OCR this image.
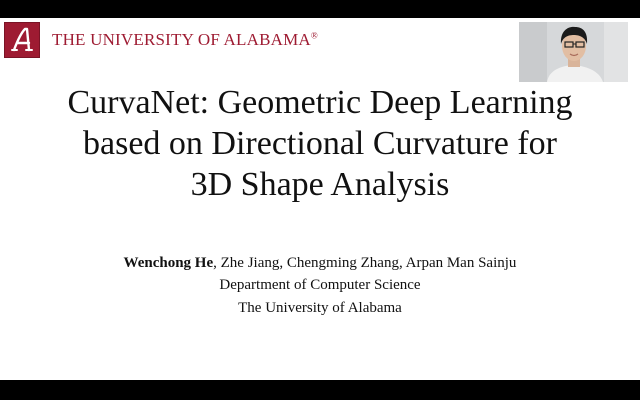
THE UNIVERSITY OF ALABAMA®
CurvaNet: Geometric Deep Learning
based on Directional Curvature for
3D Shape Analysis
Wenchong He, Zhe Jiang, Chengming Zhang, Arpan Man Sainju
Department of Computer Science
The University of Alabama
